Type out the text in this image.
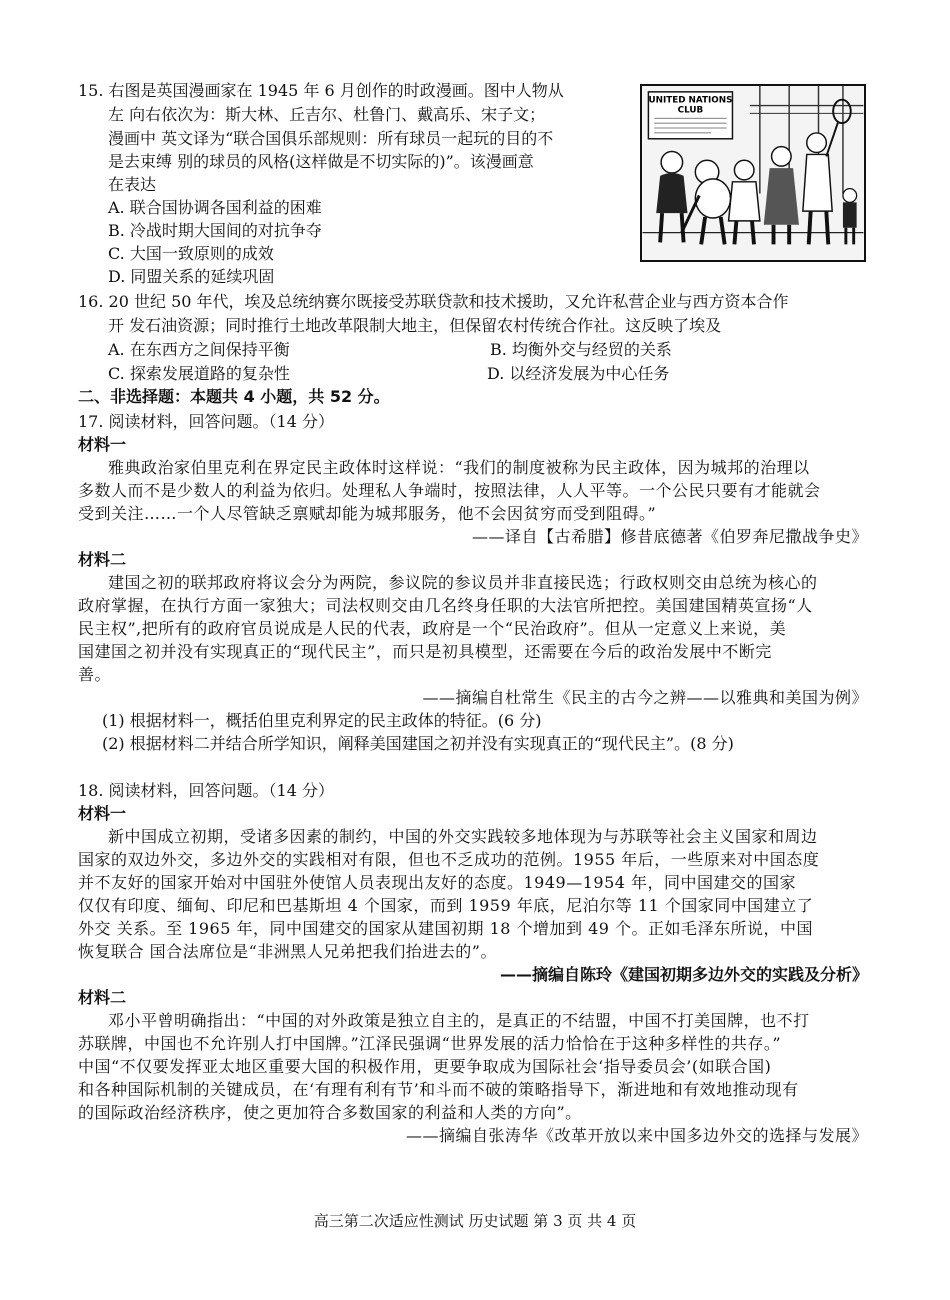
15. 右图是英国漫画家在 1945 年 6 月创作的时政漫画。图中人物从
左 向右依次为：斯大林、丘吉尔、杜鲁门、戴高乐、宋子文；
漫画中 英文译为“联合国俱乐部规则：所有球员一起玩的目的不
是去束缚 别的球员的风格(这样做是不切实际的)”。该漫画意
在表达
A. 联合国协调各国利益的困难
B. 冷战时期大国间的对抗争夺
C. 大国一致原则的成效
D. 同盟关系的延续巩固
UNITED NATIONS
CLUB
16. 20 世纪 50 年代，埃及总统纳赛尔既接受苏联贷款和技术援助，又允许私营企业与西方资本合作
开 发石油资源；同时推行土地改革限制大地主，但保留农村传统合作社。这反映了埃及
A. 在东西方之间保持平衡	B. 均衡外交与经贸的关系
C. 探索发展道路的复杂性	D. 以经济发展为中心任务
二、非选择题：本题共 4 小题，共 52 分。
17. 阅读材料，回答问题。（14 分）
材料一
雅典政治家伯里克利在界定民主政体时这样说：“我们的制度被称为民主政体，因为城邦的治理以
多数人而不是少数人的利益为依归。处理私人争端时，按照法律，人人平等。一个公民只要有才能就会
受到关注……一个人尽管缺乏禀赋却能为城邦服务，他不会因贫穷而受到阻碍。”
——译自【古希腊】修昔底德著《伯罗奔尼撒战争史》
材料二
建国之初的联邦政府将议会分为两院，参议院的参议员并非直接民选；行政权则交由总统为核心的
政府掌握，在执行方面一家独大；司法权则交由几名终身任职的大法官所把控。美国建国精英宣扬“人
民主权”,把所有的政府官员说成是人民的代表，政府是一个“民治政府”。但从一定意义上来说，美
国建国之初并没有实现真正的“现代民主”，而只是初具模型，还需要在今后的政治发展中不断完
善。
——摘编自杜常生《民主的古今之辨——以雅典和美国为例》
(1) 根据材料一，概括伯里克利界定的民主政体的特征。(6 分)
(2) 根据材料二并结合所学知识，阐释美国建国之初并没有实现真正的“现代民主”。(8 分)
18. 阅读材料，回答问题。（14 分）
材料一
新中国成立初期，受诸多因素的制约，中国的外交实践较多地体现为与苏联等社会主义国家和周边
国家的双边外交，多边外交的实践相对有限，但也不乏成功的范例。1955 年后，一些原来对中国态度
并不友好的国家开始对中国驻外使馆人员表现出友好的态度。1949—1954 年，同中国建交的国家
仅仅有印度、缅甸、印尼和巴基斯坦 4 个国家，而到 1959 年底，尼泊尔等 11 个国家同中国建立了
外交 关系。至 1965 年，同中国建交的国家从建国初期 18 个增加到 49 个。正如毛泽东所说，中国
恢复联合 国合法席位是“非洲黑人兄弟把我们抬进去的”。
——摘编自陈玲《建国初期多边外交的实践及分析》
材料二
邓小平曾明确指出：“中国的对外政策是独立自主的，是真正的不结盟，中国不打美国牌，也不打
苏联牌，中国也不允许别人打中国牌。”江泽民强调“世界发展的活力恰恰在于这种多样性的共存。”
中国“不仅要发挥亚太地区重要大国的积极作用，更要争取成为国际社会‘指导委员会’(如联合国)
和各种国际机制的关键成员，在‘有理有利有节’和斗而不破的策略指导下，渐进地和有效地推动现有
的国际政治经济秩序，使之更加符合多数国家的利益和人类的方向”。
——摘编自张涛华《改革开放以来中国多边外交的选择与发展》
高三第二次适应性测试 历史试题 第 3 页 共 4 页
